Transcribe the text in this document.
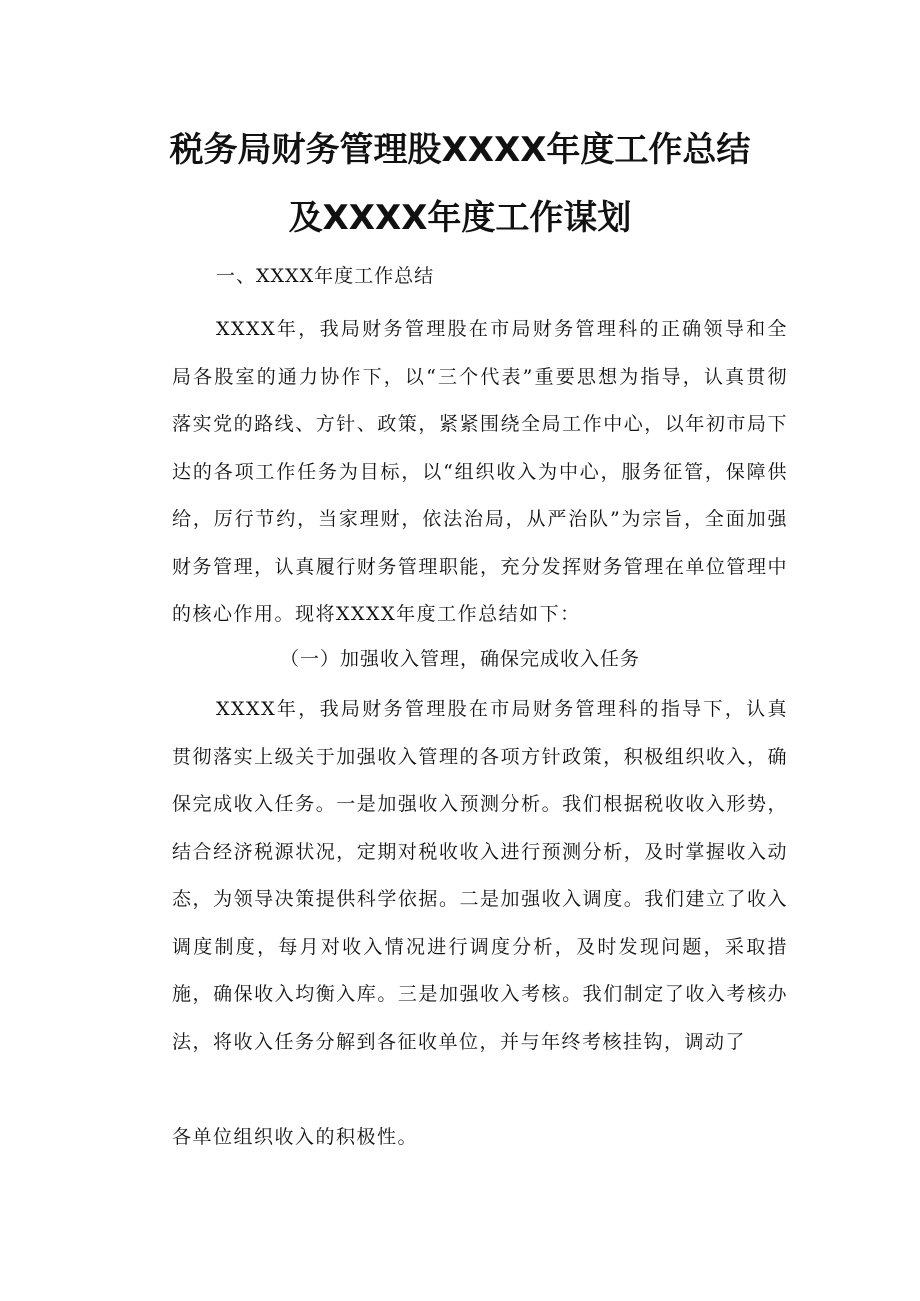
税务局财务管理股XXXX年度工作总结
及XXXX年度工作谋划
一、XXXX年度工作总结
XXXX年，我局财务管理股在市局财务管理科的正确领导和全局各股室的通力协作下，以“三个代表”重要思想为指导，认真贯彻落实党的路线、方针、政策，紧紧围绕全局工作中心，以年初市局下达的各项工作任务为目标，以“组织收入为中心，服务征管，保障供给，厉行节约，当家理财，依法治局，从严治队”为宗旨，全面加强财务管理，认真履行财务管理职能，充分发挥财务管理在单位管理中的核心作用。现将XXXX年度工作总结如下：
（一）加强收入管理，确保完成收入任务
XXXX年，我局财务管理股在市局财务管理科的指导下，认真贯彻落实上级关于加强收入管理的各项方针政策，积极组织收入，确保完成收入任务。一是加强收入预测分析。我们根据税收收入形势，结合经济税源状况，定期对税收收入进行预测分析，及时掌握收入动态，为领导决策提供科学依据。二是加强收入调度。我们建立了收入调度制度，每月对收入情况进行调度分析，及时发现问题，采取措施，确保收入均衡入库。三是加强收入考核。我们制定了收入考核办法，将收入任务分解到各征收单位，并与年终考核挂钩，调动了
各单位组织收入的积极性。
